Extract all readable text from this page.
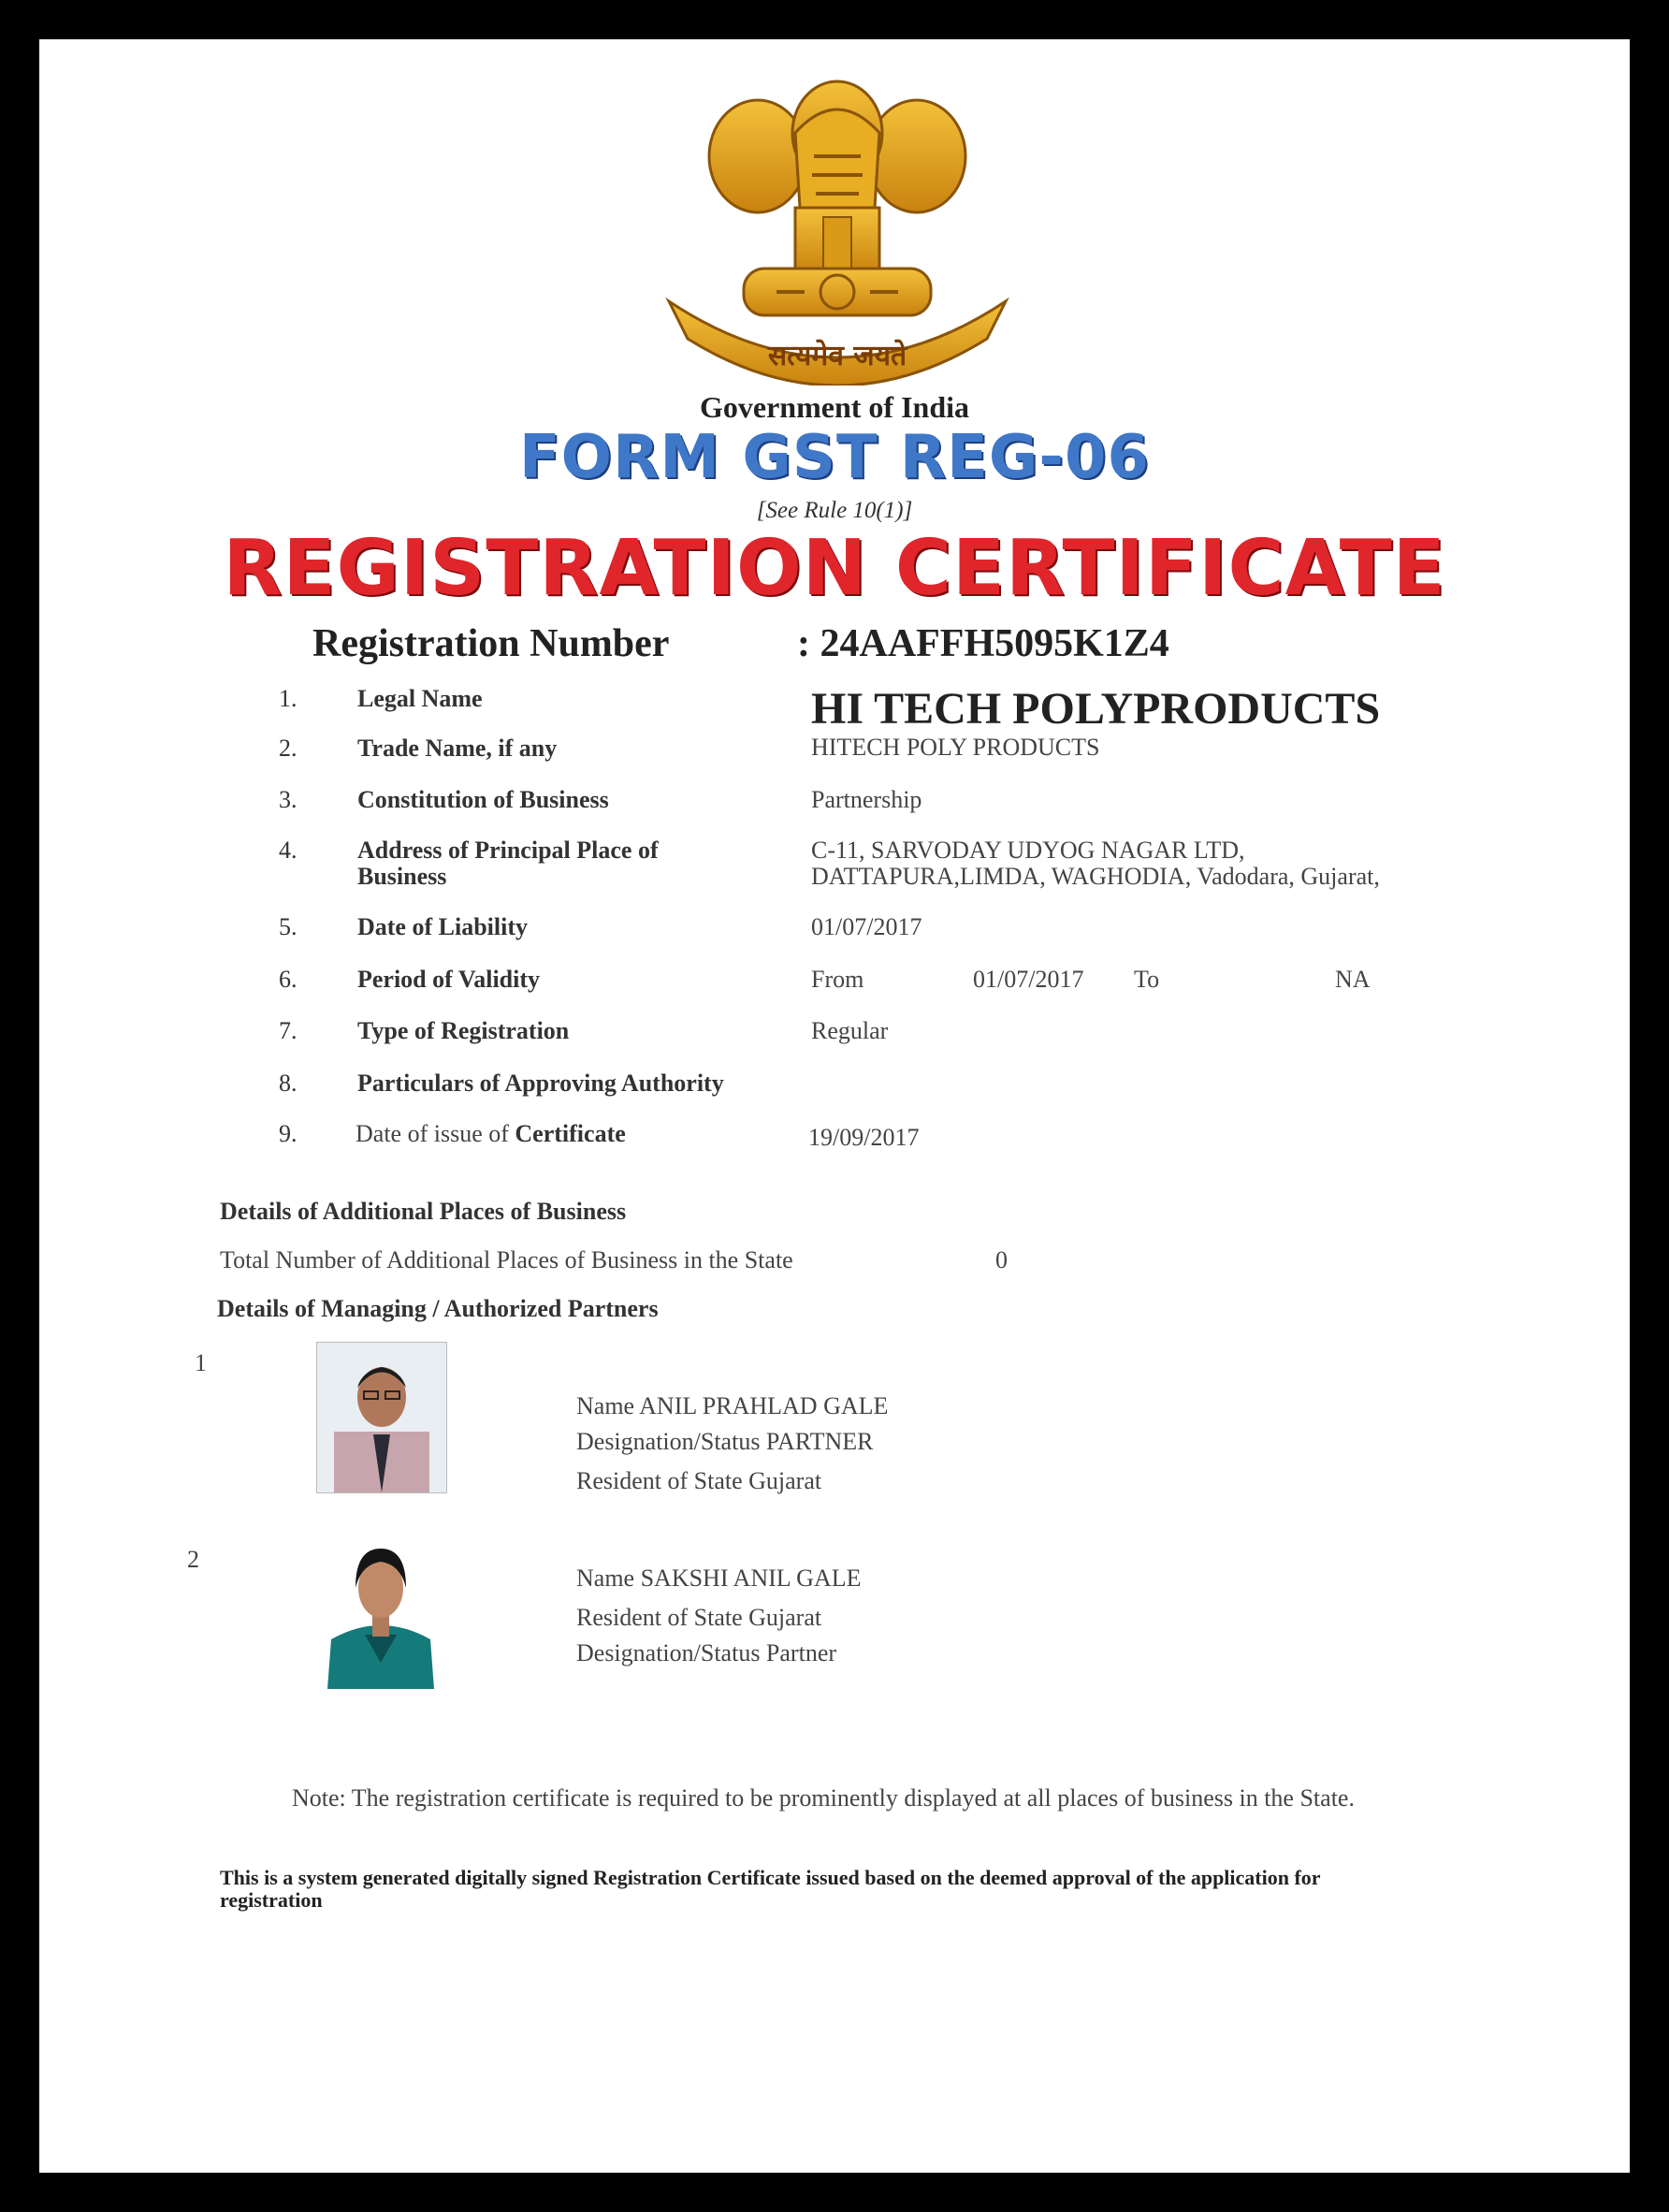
सत्यमेव जयते
Government of India
FORM GST REG-06
[See Rule 10(1)]
REGISTRATION CERTIFICATE
Registration Number	: 24AAFFH5095K1Z4
1. Legal Name	HI TECH POLYPRODUCTS
2. Trade Name, if any	HITECH POLY PRODUCTS
3. Constitution of Business	Partnership
4. Address of Principal Place of
Business
C-11, SARVODAY UDYOG NAGAR LTD,
DATTAPURA,LIMDA, WAGHODIA, Vadodara, Gujarat,
5. Date of Liability	01/07/2017
6. Period of Validity	From	01/07/2017 To	NA
7. Type of Registration	Regular
8. Particulars of Approving Authority
9. Date of issue of Certificate	19/09/2017
Details of Additional Places of Business
Total Number of Additional Places of Business in the State	0
Details of Managing / Authorized Partners
1
Name ANIL PRAHLAD GALE
Designation/Status PARTNER
Resident of State Gujarat
2
Name SAKSHI ANIL GALE
Resident of State Gujarat
Designation/Status Partner
Note: The registration certificate is required to be prominently displayed at all places of business in the State.
This is a system generated digitally signed Registration Certificate issued based on the deemed approval of the application for
registration
